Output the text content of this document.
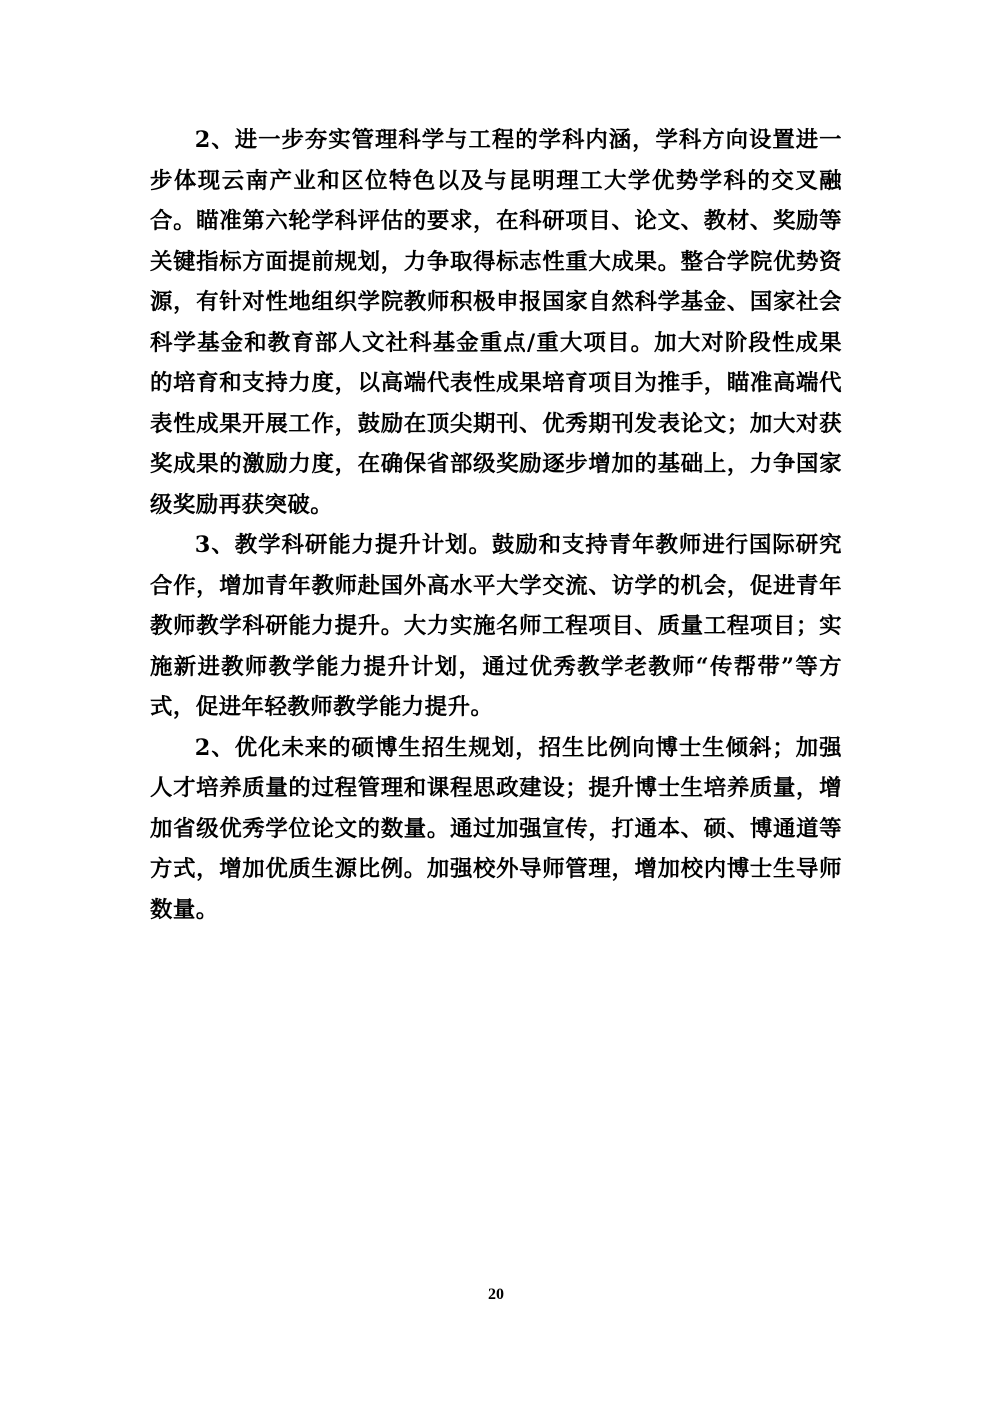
2、进一步夯实管理科学与工程的学科内涵，学科方向设置进一步体现云南产业和区位特色以及与昆明理工大学优势学科的交叉融合。瞄准第六轮学科评估的要求，在科研项目、论文、教材、奖励等关键指标方面提前规划，力争取得标志性重大成果。整合学院优势资源，有针对性地组织学院教师积极申报国家自然科学基金、国家社会科学基金和教育部人文社科基金重点/重大项目。加大对阶段性成果的培育和支持力度，以高端代表性成果培育项目为推手，瞄准高端代表性成果开展工作，鼓励在顶尖期刊、优秀期刊发表论文；加大对获奖成果的激励力度，在确保省部级奖励逐步增加的基础上，力争国家级奖励再获突破。

3、教学科研能力提升计划。鼓励和支持青年教师进行国际研究合作，增加青年教师赴国外高水平大学交流、访学的机会，促进青年教师教学科研能力提升。大力实施名师工程项目、质量工程项目；实施新进教师教学能力提升计划，通过优秀教学老教师“传帮带”等方式，促进年轻教师教学能力提升。

2、优化未来的硕博生招生规划，招生比例向博士生倾斜；加强人才培养质量的过程管理和课程思政建设；提升博士生培养质量，增加省级优秀学位论文的数量。通过加强宣传，打通本、硕、博通道等方式，增加优质生源比例。加强校外导师管理，增加校内博士生导师数量。

20
